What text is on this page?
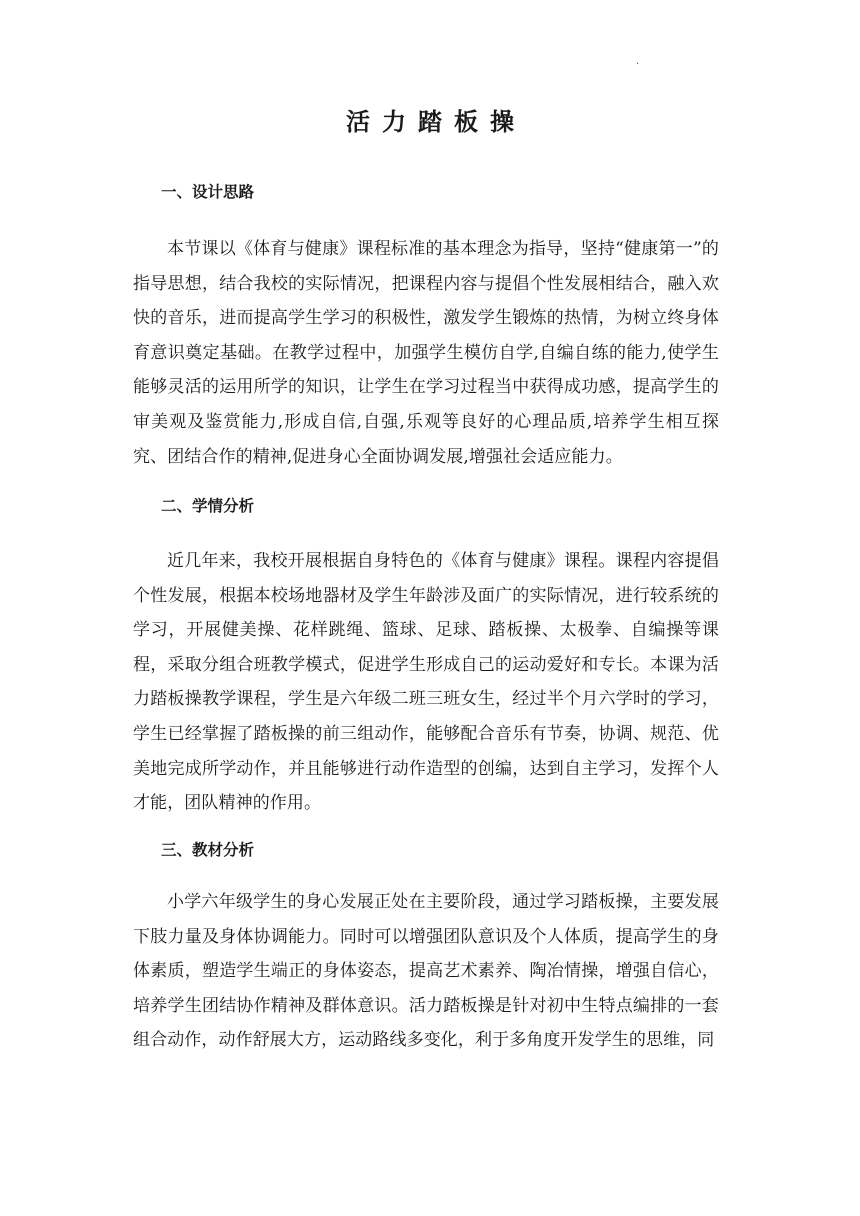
·
活力踏板操
一、设计思路

本节课以《体育与健康》课程标准的基本理念为指导，坚持“健康第一”的指导思想，结合我校的实际情况，把课程内容与提倡个性发展相结合，融入欢快的音乐，进而提高学生学习的积极性，激发学生锻炼的热情，为树立终身体育意识奠定基础。在教学过程中，加强学生模仿自学,自编自练的能力,使学生能够灵活的运用所学的知识，让学生在学习过程当中获得成功感，提高学生的审美观及鉴赏能力,形成自信,自强,乐观等良好的心理品质,培养学生相互探究、团结合作的精神,促进身心全面协调发展,增强社会适应能力。

二、学情分析

近几年来，我校开展根据自身特色的《体育与健康》课程。课程内容提倡个性发展，根据本校场地器材及学生年龄涉及面广的实际情况，进行较系统的学习，开展健美操、花样跳绳、篮球、足球、踏板操、太极拳、自编操等课程，采取分组合班教学模式，促进学生形成自己的运动爱好和专长。本课为活力踏板操教学课程，学生是六年级二班三班女生，经过半个月六学时的学习，学生已经掌握了踏板操的前三组动作，能够配合音乐有节奏，协调、规范、优美地完成所学动作，并且能够进行动作造型的创编，达到自主学习，发挥个人才能，团队精神的作用。

三、教材分析

小学六年级学生的身心发展正处在主要阶段，通过学习踏板操，主要发展下肢力量及身体协调能力。同时可以增强团队意识及个人体质，提高学生的身体素质，塑造学生端正的身体姿态，提高艺术素养、陶冶情操，增强自信心，培养学生团结协作精神及群体意识。活力踏板操是针对初中生特点编排的一套组合动作，动作舒展大方，运动路线多变化，利于多角度开发学生的思维，同
